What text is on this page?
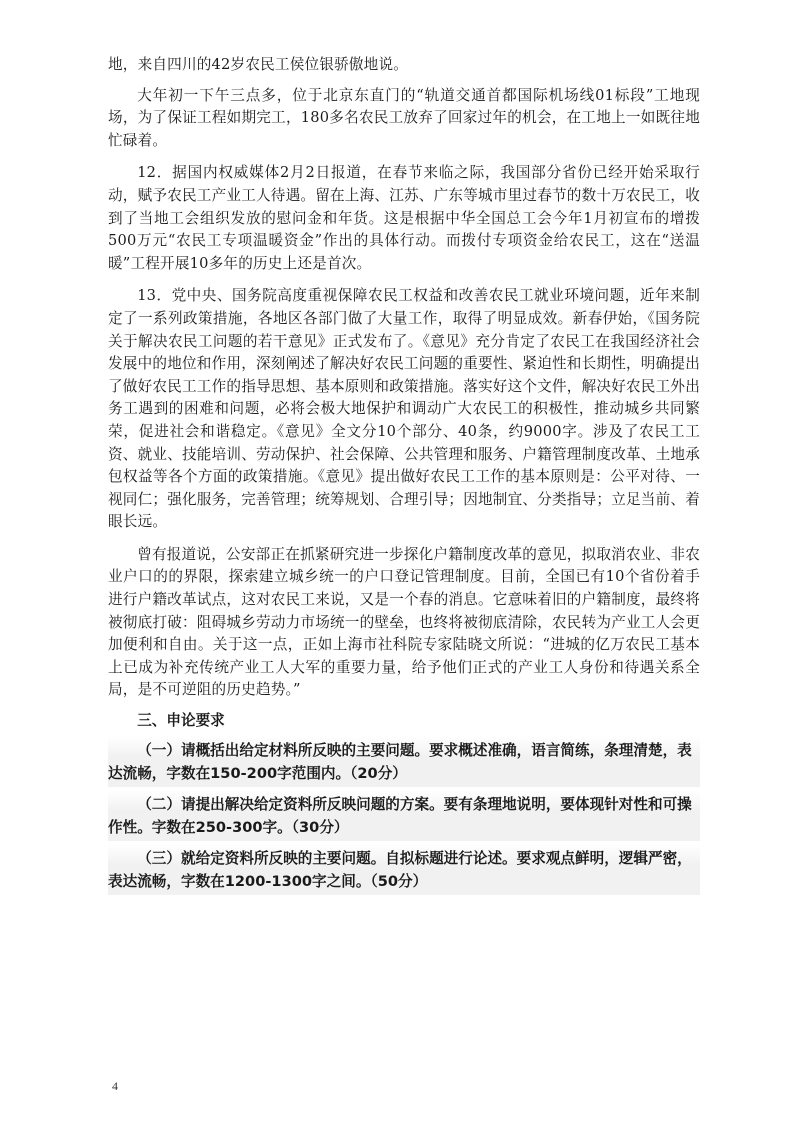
地，来自四川的42岁农民工侯位银骄傲地说。

大年初一下午三点多，位于北京东直门的“轨道交通首都国际机场线01标段”工地现场，为了保证工程如期完工，180多名农民工放弃了回家过年的机会，在工地上一如既往地忙碌着。

12．据国内权威媒体2月2日报道，在春节来临之际，我国部分省份已经开始采取行动，赋予农民工产业工人待遇。留在上海、江苏、广东等城市里过春节的数十万农民工，收到了当地工会组织发放的慰问金和年货。这是根据中华全国总工会今年1月初宣布的增拨500万元“农民工专项温暖资金”作出的具体行动。而拨付专项资金给农民工，这在“送温暖”工程开展10多年的历史上还是首次。

13．党中央、国务院高度重视保障农民工权益和改善农民工就业环境问题，近年来制定了一系列政策措施，各地区各部门做了大量工作，取得了明显成效。新春伊始，《国务院关于解决农民工问题的若干意见》正式发布了。《意见》充分肯定了农民工在我国经济社会发展中的地位和作用，深刻阐述了解决好农民工问题的重要性、紧迫性和长期性，明确提出了做好农民工工作的指导思想、基本原则和政策措施。落实好这个文件，解决好农民工外出务工遇到的困难和问题，必将会极大地保护和调动广大农民工的积极性，推动城乡共同繁荣，促进社会和谐稳定。《意见》全文分10个部分、40条，约9000字。涉及了农民工工资、就业、技能培训、劳动保护、社会保障、公共管理和服务、户籍管理制度改革、土地承包权益等各个方面的政策措施。《意见》提出做好农民工工作的基本原则是：公平对待、一视同仁；强化服务，完善管理；统筹规划、合理引导；因地制宜、分类指导；立足当前、着眼长远。

曾有报道说，公安部正在抓紧研究进一步探化户籍制度改革的意见，拟取消农业、非农业户口的的界限，探索建立城乡统一的户口登记管理制度。目前，全国已有10个省份着手进行户籍改革试点，这对农民工来说，又是一个春的消息。它意味着旧的户籍制度，最终将被彻底打破：阻碍城乡劳动力市场统一的壁垒，也终将被彻底清除，农民转为产业工人会更加便利和自由。关于这一点，正如上海市社科院专家陆晓文所说：“进城的亿万农民工基本上已成为补充传统产业工人大军的重要力量，给予他们正式的产业工人身份和待遇关系全局，是不可逆阻的历史趋势。”

三、申论要求
（一）请概括出给定材料所反映的主要问题。要求概述准确，语言简练，条理清楚，表达流畅，字数在150-200字范围内。（20分）
（二）请提出解决给定资料所反映问题的方案。要有条理地说明，要体现针对性和可操作性。字数在250-300字。（30分）
（三）就给定资料所反映的主要问题。自拟标题进行论述。要求观点鲜明，逻辑严密，表达流畅，字数在1200-1300字之间。（50分）
4
